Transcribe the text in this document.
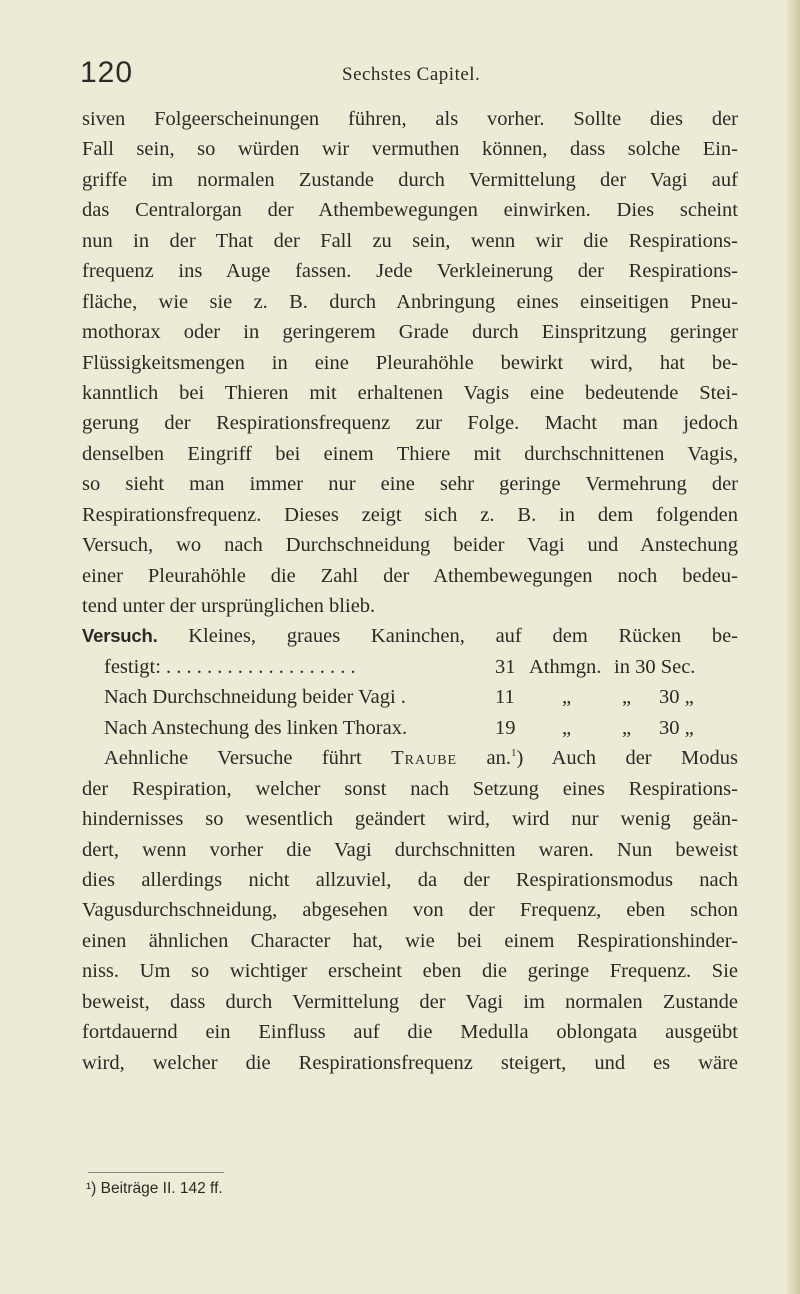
120	Sechstes Capitel.
siven Folgeerscheinungen führen, als vorher. Sollte dies der
Fall sein, so würden wir vermuthen können, dass solche Ein-
griffe im normalen Zustande durch Vermittelung der Vagi auf
das Centralorgan der Athembewegungen einwirken. Dies scheint
nun in der That der Fall zu sein, wenn wir die Respirations-
frequenz ins Auge fassen. Jede Verkleinerung der Respirations-
fläche, wie sie z. B. durch Anbringung eines einseitigen Pneu-
mothorax oder in geringerem Grade durch Einspritzung geringer
Flüssigkeitsmengen in eine Pleurahöhle bewirkt wird, hat be-
kanntlich bei Thieren mit erhaltenen Vagis eine bedeutende Stei-
gerung der Respirationsfrequenz zur Folge. Macht man jedoch
denselben Eingriff bei einem Thiere mit durchschnittenen Vagis,
so sieht man immer nur eine sehr geringe Vermehrung der
Respirationsfrequenz. Dieses zeigt sich z. B. in dem folgenden
Versuch, wo nach Durchschneidung beider Vagi und Anstechung
einer Pleurahöhle die Zahl der Athembewegungen noch bedeu-
tend unter der ursprünglichen blieb.
Versuch. Kleines, graues Kaninchen, auf dem Rücken be-
festigt: . . . . . . . . . . . . . . . . . . .	31 Athmgn. in 30 Sec.
Nach Durchschneidung beider Vagi .	11 „ „ 30 „
Nach Anstechung des linken Thorax.	19 „ „ 30 „
Aehnliche Versuche führt Traube an.$^1$) Auch der Modus
der Respiration, welcher sonst nach Setzung eines Respirations-
hindernisses so wesentlich geändert wird, wird nur wenig geän-
dert, wenn vorher die Vagi durchschnitten waren. Nun beweist
dies allerdings nicht allzuviel, da der Respirationsmodus nach
Vagusdurchschneidung, abgesehen von der Frequenz, eben schon
einen ähnlichen Character hat, wie bei einem Respirationshinder-
niss. Um so wichtiger erscheint eben die geringe Frequenz. Sie
beweist, dass durch Vermittelung der Vagi im normalen Zustande
fortdauernd ein Einfluss auf die Medulla oblongata ausgeübt
wird, welcher die Respirationsfrequenz steigert, und es wäre
¹) Beiträge II. 142 ff.
